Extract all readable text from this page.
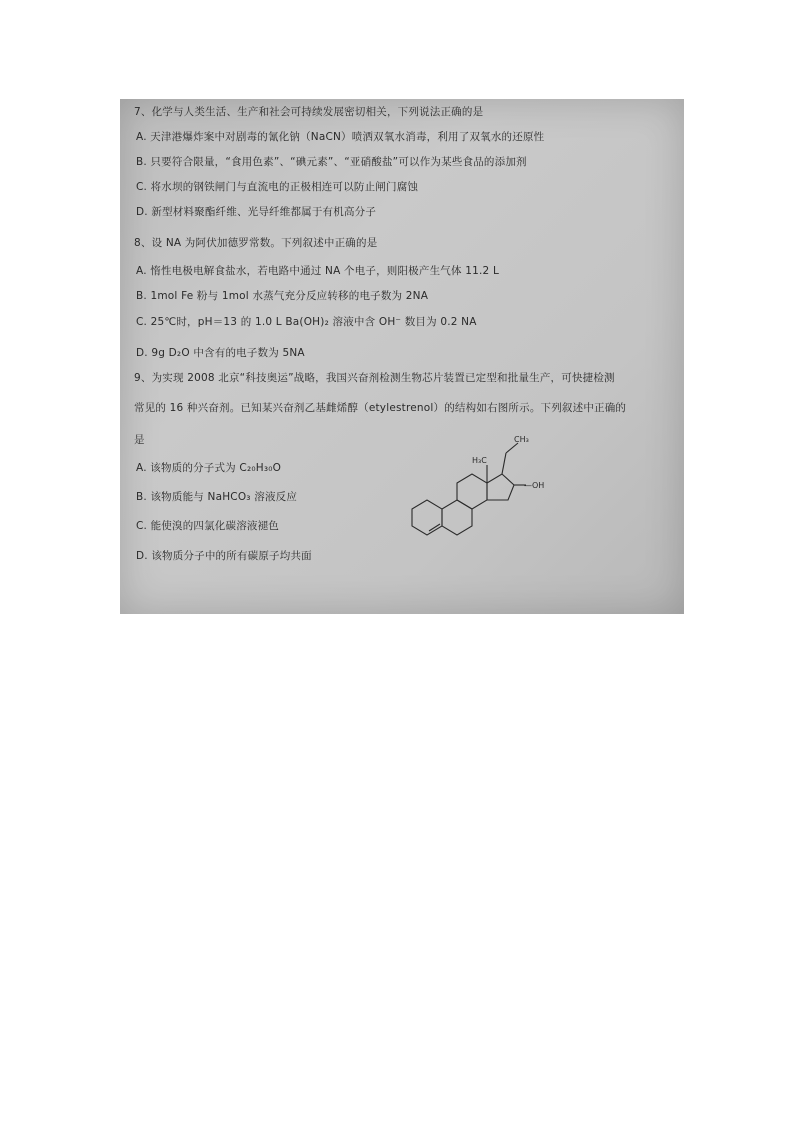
7、化学与人类生活、生产和社会可持续发展密切相关，下列说法正确的是
A. 天津港爆炸案中对剧毒的氰化钠（NaCN）喷洒双氧水消毒，利用了双氧水的还原性
B. 只要符合限量，“食用色素”、“碘元素”、“亚硝酸盐”可以作为某些食品的添加剂
C. 将水坝的钢铁闸门与直流电的正极相连可以防止闸门腐蚀
D. 新型材料聚酯纤维、光导纤维都属于有机高分子
8、设 NA 为阿伏加德罗常数。下列叙述中正确的是
A. 惰性电极电解食盐水，若电路中通过 NA 个电子，则阳极产生气体 11.2 L
B. 1mol Fe 粉与 1mol 水蒸气充分反应转移的电子数为 2NA
C. 25℃时，pH＝13 的 1.0 L Ba(OH)₂ 溶液中含 OH⁻ 数目为 0.2 NA
D. 9g D₂O 中含有的电子数为 5NA
9、为实现 2008 北京“科技奥运”战略，我国兴奋剂检测生物芯片装置已定型和批量生产，可快捷检测
常见的 16 种兴奋剂。已知某兴奋剂乙基雌烯醇（etylestrenol）的结构如右图所示。下列叙述中正确的
是
A. 该物质的分子式为 C₂₀H₃₀O
B. 该物质能与 NaHCO₃ 溶液反应
C. 能使溴的四氯化碳溶液褪色
D. 该物质分子中的所有碳原子均共面
CH₃
H₃C
—OH
